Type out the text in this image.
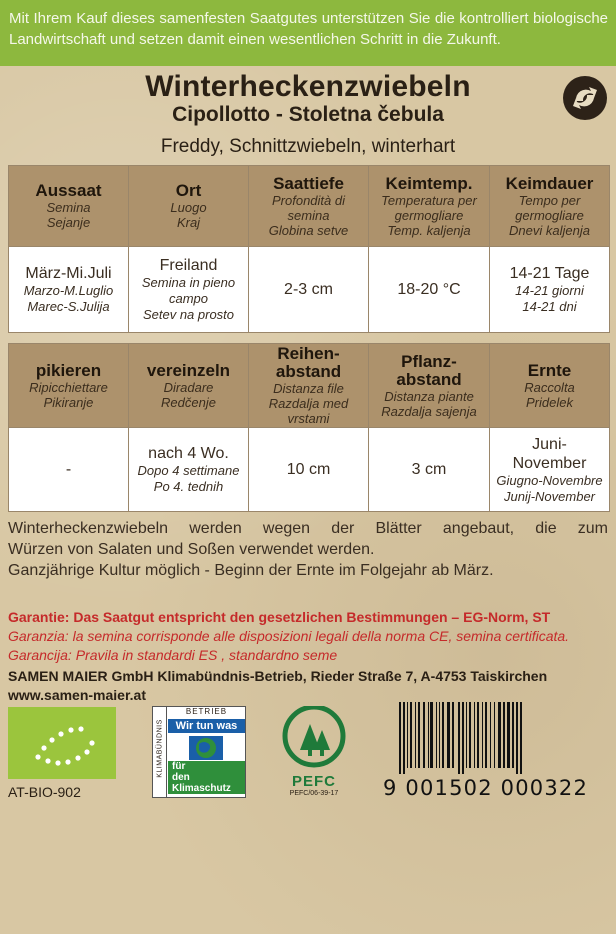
Mit Ihrem Kauf dieses samenfesten Saatgutes unterstützen Sie die kontrolliert biologische Landwirtschaft und setzen damit einen wesentlichen Schritt in die Zukunft.
Winterheckenzwiebeln
Cipollotto - Stoletna čebula
Freddy, Schnittzwiebeln, winterhart
Aussaat
Semina
Sejanje	Ort
Luogo
Kraj	Saattiefe
Profondità di
semina
Globina setve	Keimtemp.
Temperatura per
germogliare
Temp. kaljenja	Keimdauer
Tempo per
germogliare
Dnevi kaljenja

März-Mi.Juli
Marzo-M.Luglio
Marec-S.Julija	Freiland
Semina in pieno
campo
Setev na prosto	2-3 cm	18-20 °C	14-21 Tage
14-21 giorni
14-21 dni
pikieren
Ripicchiettare
Pikiranje	vereinzeln
Diradare
Redčenje	Reihen-
abstand
Distanza file
Razdalja med
vrstami	Pflanz-
abstand
Distanza piante
Razdalja sajenja	Ernte
Raccolta
Pridelek

-	nach 4 Wo.
Dopo 4 settimane
Po 4. tednih	10 cm	3 cm	Juni-
November
Giugno-Novembre
Junij-November
Winterheckenzwiebeln werden wegen der Blätter angebaut, die zum
Würzen von Salaten und Soßen verwendet werden.
Ganzjährige Kultur möglich - Beginn der Ernte im Folgejahr ab März.
Garantie: Das Saatgut entspricht den gesetzlichen Bestimmungen – EG-Norm, ST
Garanzia: la semina corrisponde alle disposizioni legali della norma CE, semina certificata.
Garancija: Pravila in standardi ES , standardno seme
SAMEN MAIER GmbH Klimabündnis-Betrieb, Rieder Straße 7, A-4753 Taiskirchen
www.samen-maier.at
AT-BIO-902
KLIMABÜNDNIS
BETRIEB
Wir tun was
für
den
Klimaschutz	PEFC
PEFC/06-39-17	9 001502 000322
